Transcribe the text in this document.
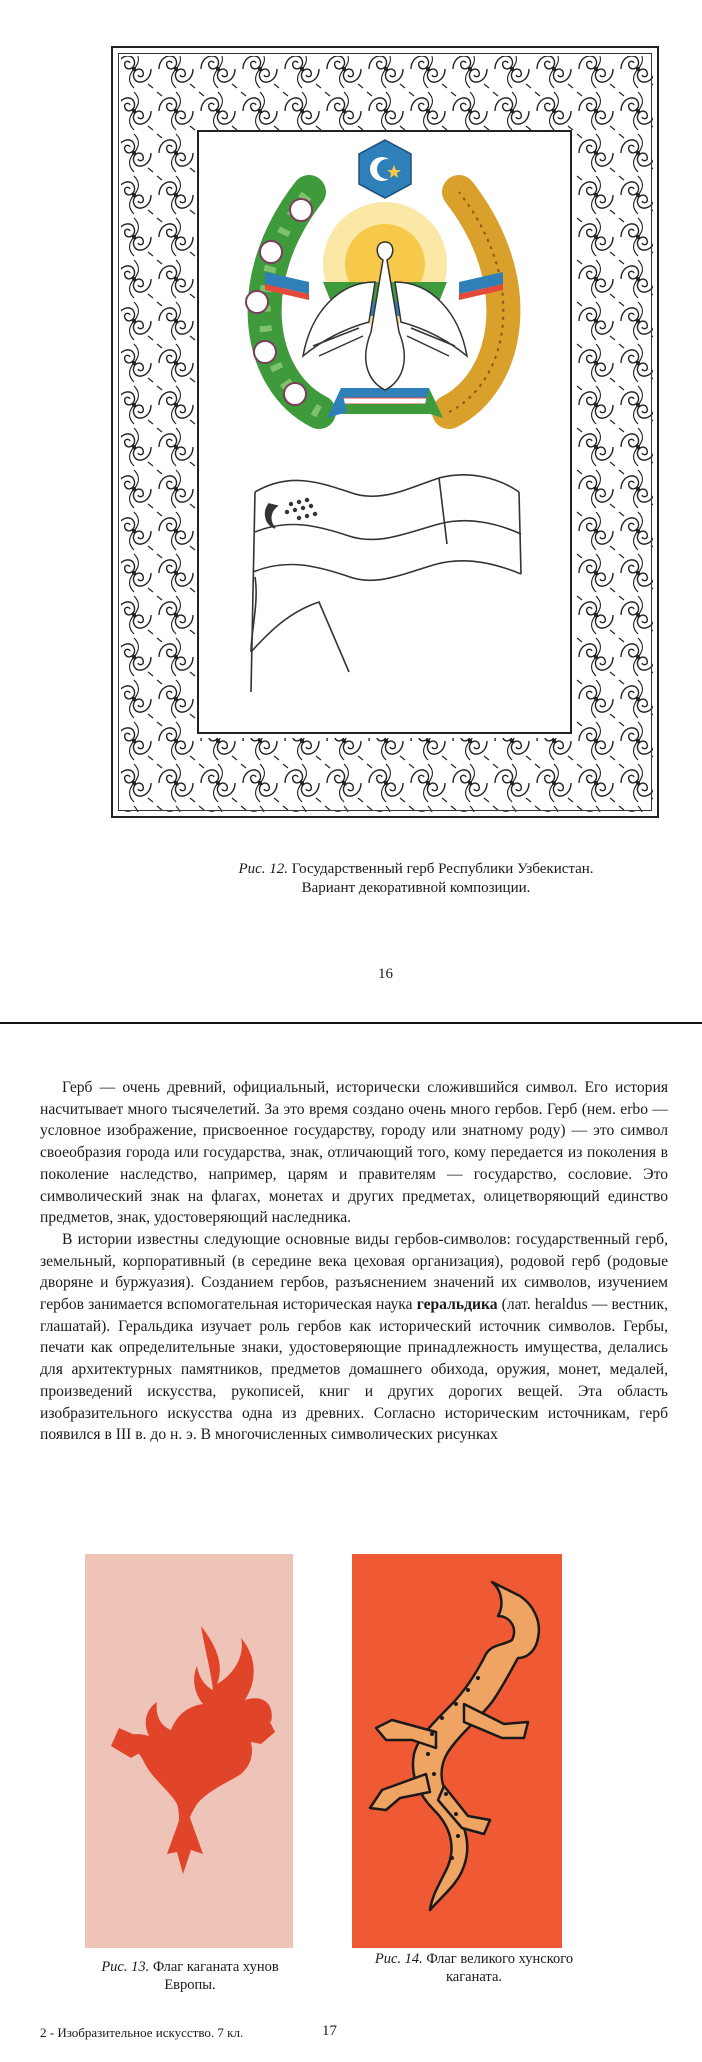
Рис. 12. Государственный герб Республики Узбекистан.
Вариант декоративной композиции.
16

Герб — очень древний, официальный, исторически сложившийся символ. Его история насчитывает много тысячелетий. За это время создано очень много гербов. Герб (нем. erbo — условное изображение, присвоенное государству, городу или знатному роду) — это символ своеобразия города или государства, знак, отличающий того, кому передается из поколения в поколение наследство, например, царям и правителям — государство, сословие. Это символический знак на флагах, монетах и других предметах, олицетворяющий единство предметов, знак, удостоверяющий наследника.

В истории известны следующие основные виды гербов-символов: государственный герб, земельный, корпоративный (в середине века цеховая организация), родовой герб (родовые дворяне и буржуазия). Созданием гербов, разъяснением значений их символов, изучением гербов занимается вспомогательная историческая наука геральдика (лат. heraldus — вестник, глашатай). Геральдика изучает роль гербов как исторический источник символов. Гербы, печати как определительные знаки, удостоверяющие принадлежность имущества, делались для архитектурных памятников, предметов домашнего обихода, оружия, монет, медалей, произведений искусства, рукописей, книг и других дорогих вещей. Эта область изобразительного искусства одна из древних. Согласно историческим источникам, герб появился в III в. до н. э. В многочисленных символических рисунках

Рис. 13. Флаг каганата хунов
Европы.
Рис. 14. Флаг великого хунского
каганата.
2 - Изобразительное искусство. 7 кл.	17
